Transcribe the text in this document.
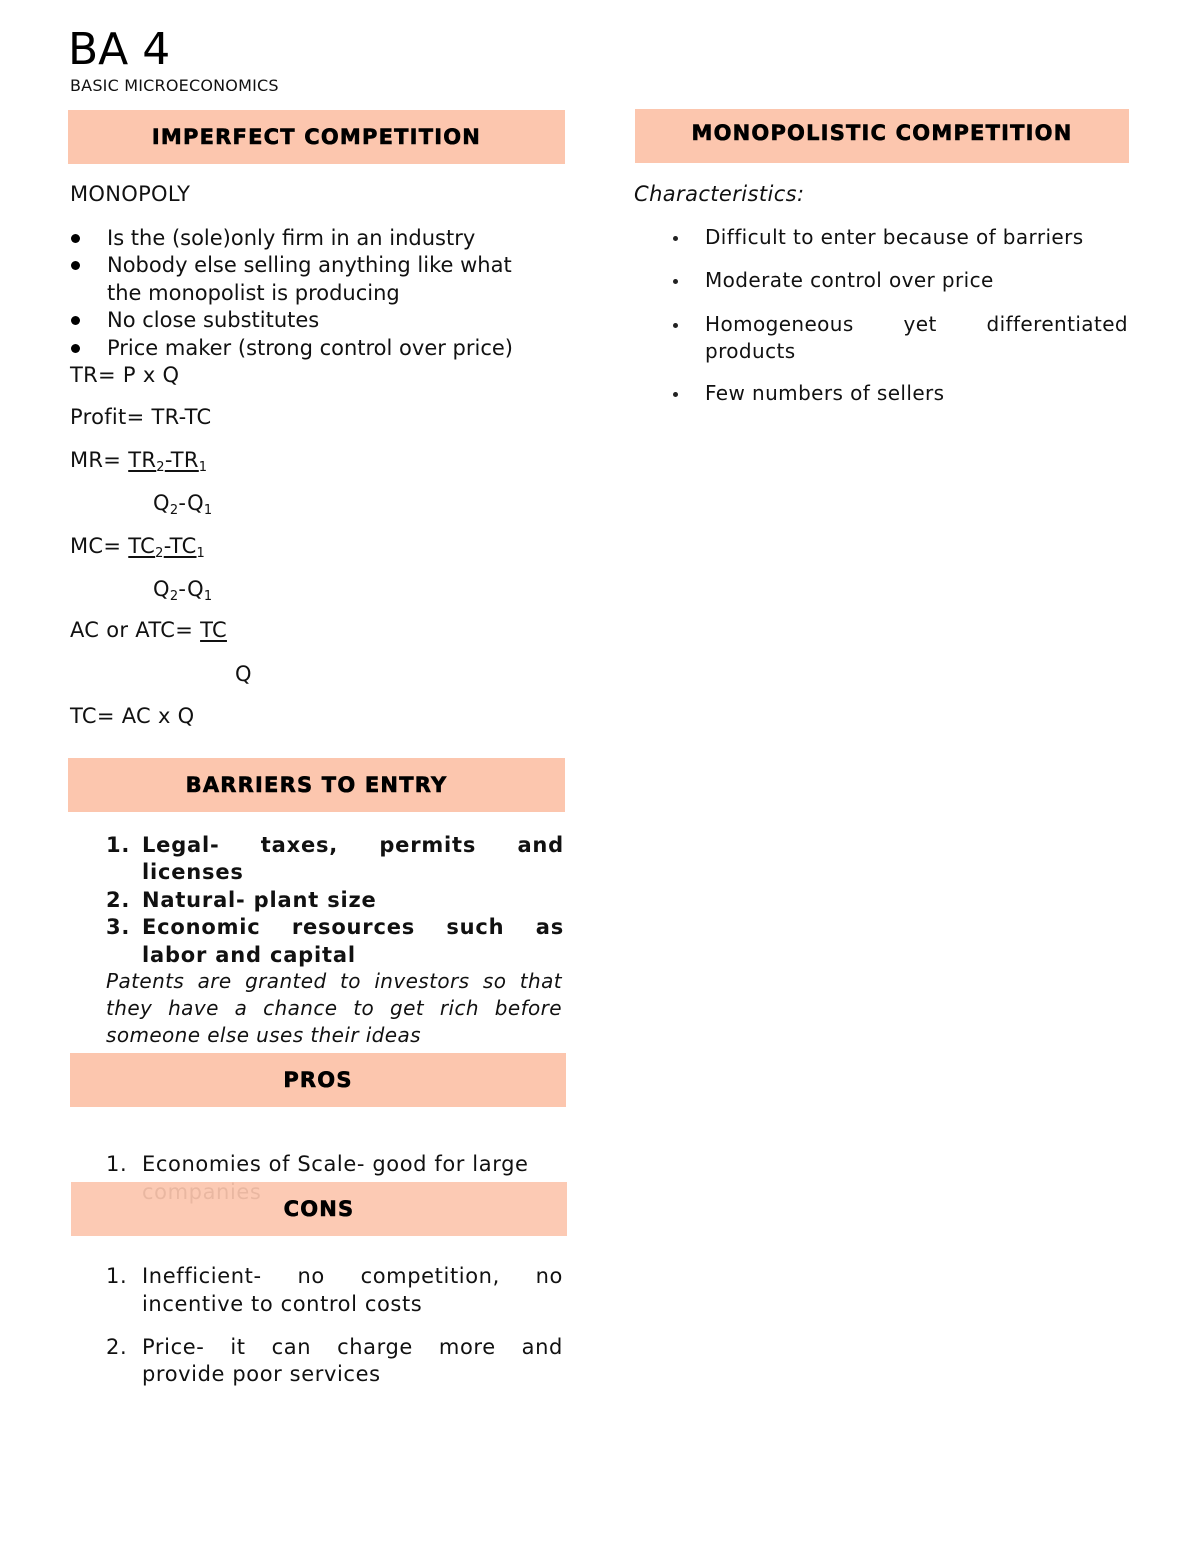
BA 4
BASIC MICROECONOMICS
IMPERFECT COMPETITION
MONOPOLY
Is the (sole)only firm in an industry
Nobody else selling anything like what
the monopolist is producing
No close substitutes
Price maker (strong control over price)
TR= P x Q
Profit= TR-TC
$MR= TR_2-TR_1$
$Q_2-Q_1$
$MC= TC_2-TC_1$
$Q_2-Q_1$
AC or ATC= TC
Q
TC= AC x Q
BARRIERS TO ENTRY
1. Legal- taxes, permits and
licenses
2. Natural- plant size
3. Economic resources such as
labor and capital
Patents are granted to investors so that
they have a chance to get rich before
someone else uses their ideas
PROS
1. Economies of Scale- good for large
CONS
1. Inefficient- no competition, no
incentive to control costs
2. Price- it can charge more and
provide poor services
MONOPOLISTIC COMPETITION
Characteristics:
Difficult to enter because of barriers
Moderate control over price
Homogeneous yet differentiated
products
Few numbers of sellers
